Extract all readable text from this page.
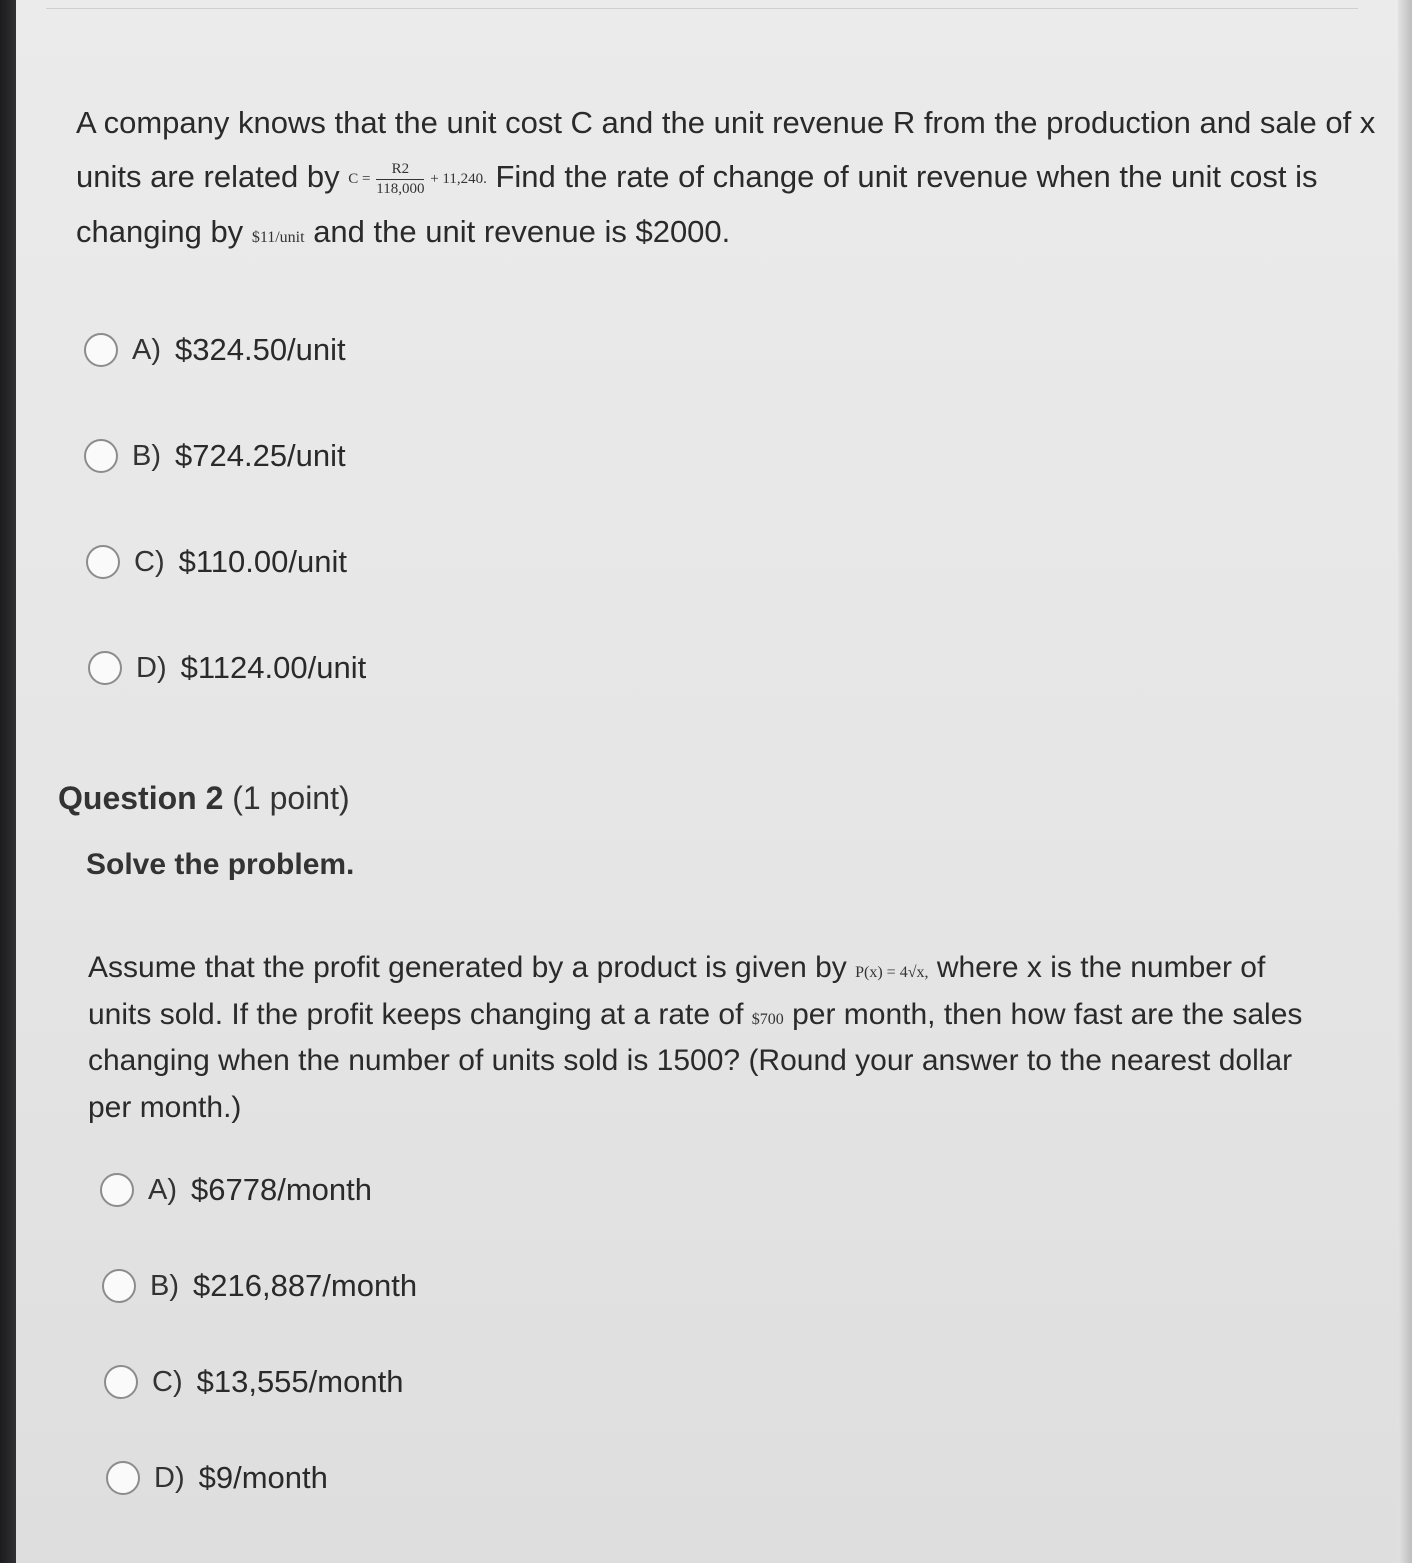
A company knows that the unit cost C and the unit revenue R from the production and sale of x units are related by $C = \frac{R2}{118,000} + 11,240$. Find the rate of change of unit revenue when the unit cost is changing by $11/unit and the unit revenue is $2000.
A) $324.50/unit
B) $724.25/unit
C) $110.00/unit
D) $1124.00/unit
Question 2 (1 point)
Solve the problem.
Assume that the profit generated by a product is given by P(x) = 4√x, where x is the number of units sold. If the profit keeps changing at a rate of $700 per month, then how fast are the sales changing when the number of units sold is 1500? (Round your answer to the nearest dollar per month.)
A) $6778/month
B) $216,887/month
C) $13,555/month
D) $9/month
